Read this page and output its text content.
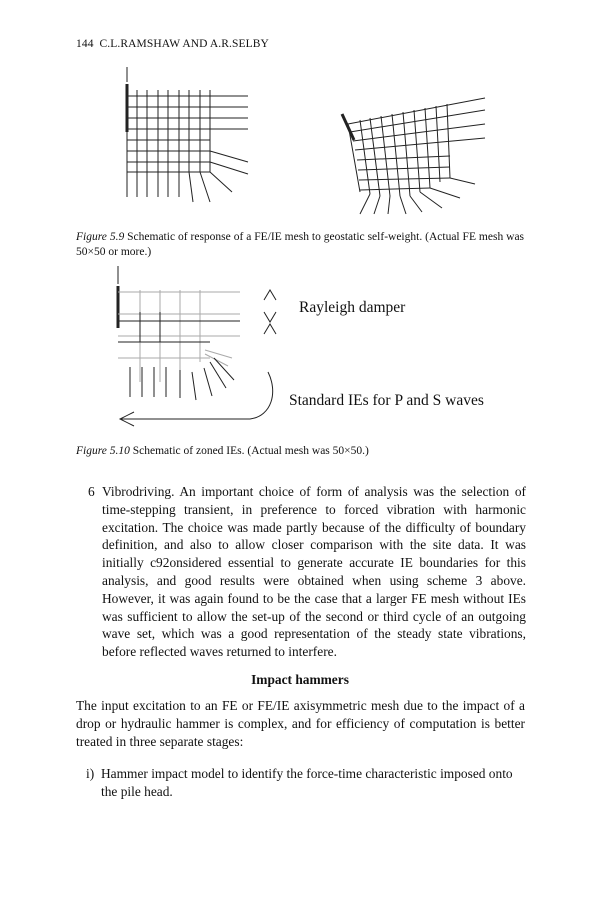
144 C.L.RAMSHAW AND A.R.SELBY
Figure 5.9 Schematic of response of a FE/IE mesh to geostatic self-weight. (Actual FE mesh was 50×50 or more.)
Rayleigh damper
Standard IEs for P and S waves
Figure 5.10 Schematic of zoned IEs. (Actual mesh was 50×50.)
6 Vibrodriving. An important choice of form of analysis was the selection of time-stepping transient, in preference to forced vibration with harmonic excitation. The choice was made partly because of the difficulty of boundary definition, and also to allow closer comparison with the site data. It was initially c92onsidered essential to generate accurate IE boundaries for this analysis, and good results were obtained when using scheme 3 above. However, it was again found to be the case that a larger FE mesh without IEs was sufficient to allow the set-up of the second or third cycle of an outgoing wave set, which was a good representation of the steady state vibrations, before reflected waves returned to interfere.
Impact hammers
The input excitation to an FE or FE/IE axisymmetric mesh due to the impact of a drop or hydraulic hammer is complex, and for efficiency of computation is better treated in three separate stages:
i) Hammer impact model to identify the force-time characteristic imposed onto the pile head.
